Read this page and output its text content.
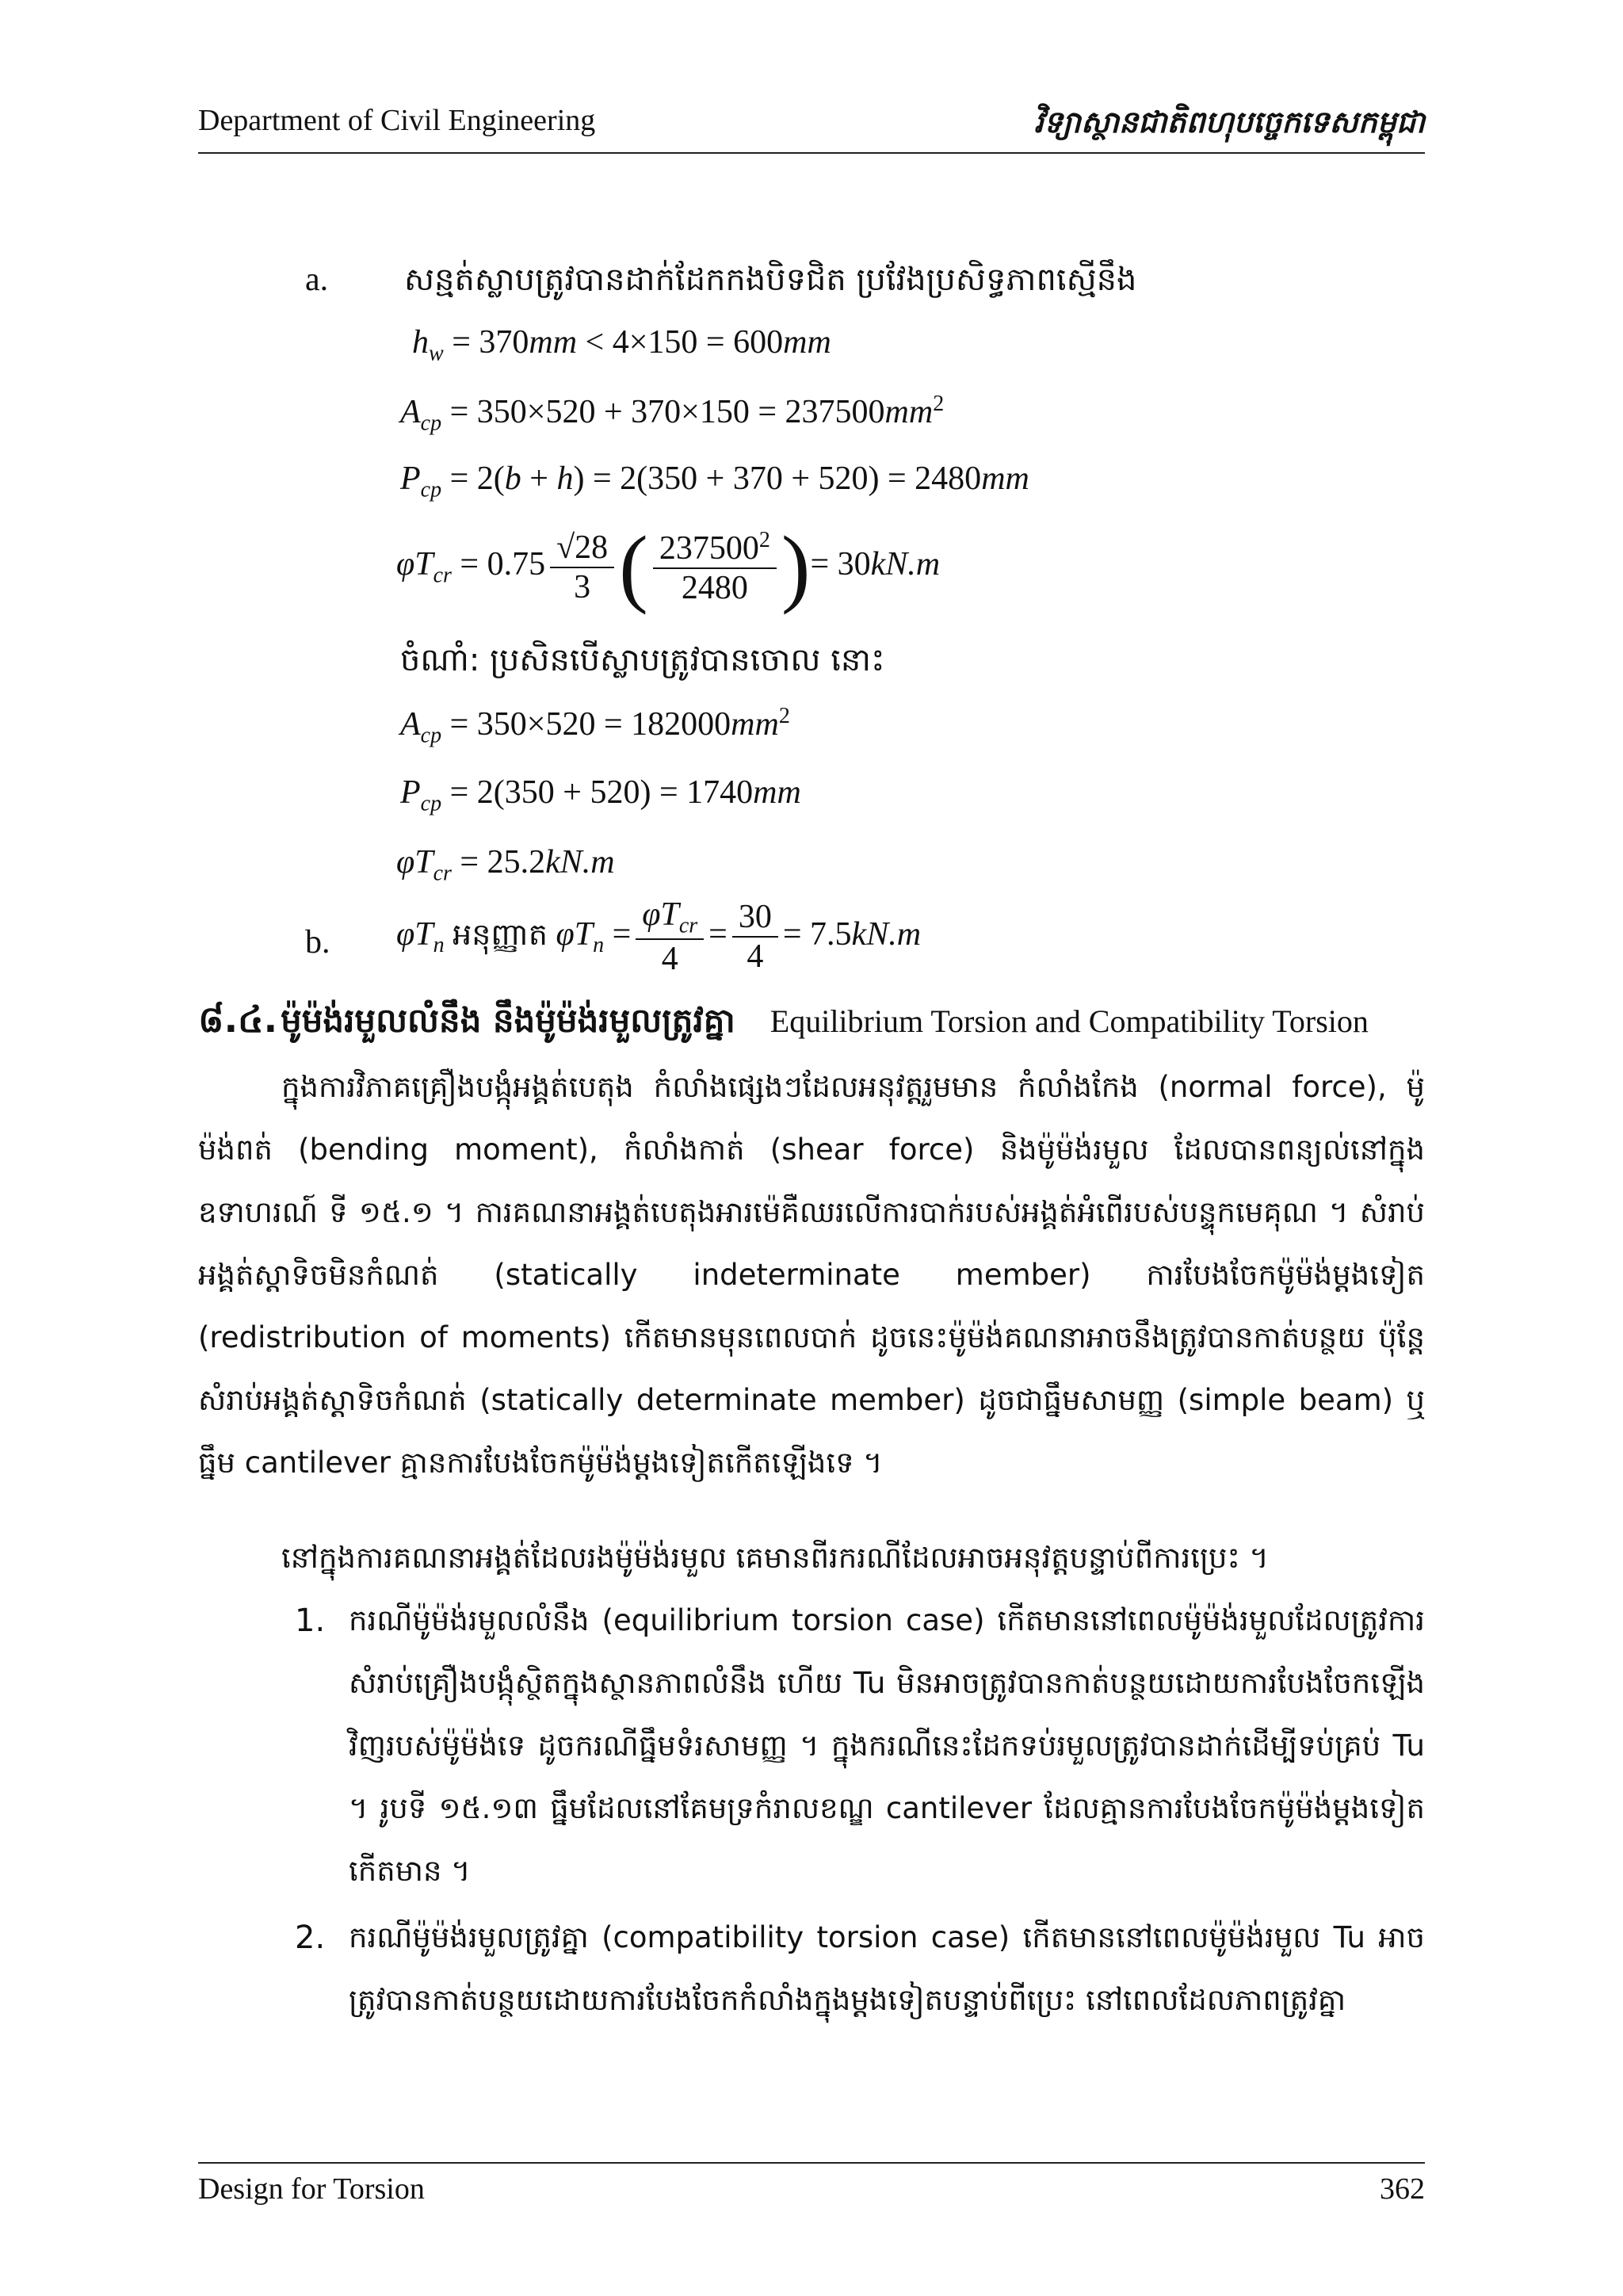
Department of Civil Engineering	វិទ្យាស្ថានជាតិពហុបច្ចេកទេសកម្ពុជា
a. សន្មត់ស្លាបត្រូវបានដាក់ដែកកងបិទជិត ប្រវែងប្រសិទ្ធភាពស្មើនឹង
$h_w = 370mm < 4\times 150 = 600mm$
$A_{cp} = 350\times 520 + 370\times 150 = 237500mm^2$
$P_{cp} = 2(b + h) = 2(350 + 370 + 520) = 2480mm$
$\varphi T_{cr} = 0.75 \frac{√28}{3}$ ( $\frac{237500^2}{2480}$ )= 30kN.m
ចំណាំ: ប្រសិនបើស្លាបត្រូវបានចោល នោះ
$A_{cp} = 350\times 520 = 182000mm^2$
$P_{cp} = 2(350 + 520) = 1740mm$
$\varphi T_{cr} = 25.2kN.m$
b. $\varphi T_n$ អនុញ្ញាត $\varphi T_n = \frac{\varphi T_{cr}}{4} = \frac{30}{4} = 7.5kN.m$
៨.៤. ម៉ូម៉ង់រមួលលំនឹង នឹងម៉ូម៉ង់រមួលត្រូវគ្នា Equilibrium Torsion and Compatibility Torsion
ក្នុងការវិភាគគ្រឿងបង្កុំអង្គត់បេតុង កំលាំងផ្សេងៗដែលអនុវត្តរួមមាន កំលាំងកែង (normal force), ម៉ូម៉ង់ពត់ (bending moment), កំលាំងកាត់ (shear force) និងម៉ូម៉ង់រមួល ដែលបានពន្យល់នៅក្នុងឧទាហរណ៍ ទី ១៥.១ ។ ការគណនាអង្គត់បេតុងអារម៉េគឺឈរលើការបាក់របស់អង្គត់អំពើរបស់បន្ទុកមេគុណ ។ សំរាប់អង្គត់ស្តាទិចមិនកំណត់ (statically indeterminate member) ការបែងចែកម៉ូម៉ង់ម្តងទៀត (redistribution of moments) កើតមានមុនពេលបាក់ ដូចនេះម៉ូម៉ង់គណនាអាចនឹងត្រូវបានកាត់បន្ថយ ប៉ុន្តែ សំរាប់អង្គត់ស្តាទិចកំណត់ (statically determinate member) ដូចជាធ្នឹមសាមញ្ញ (simple beam) ឬធ្នឹម cantilever គ្មានការបែងចែកម៉ូម៉ង់ម្តងទៀតកើតឡើងទេ ។
នៅក្នុងការគណនាអង្គត់ដែលរងម៉ូម៉ង់រមួល គេមានពីរករណីដែលអាចអនុវត្តបន្ទាប់ពីការប្រេះ ។
1. ករណីម៉ូម៉ង់រមួលលំនឹង (equilibrium torsion case) កើតមាននៅពេលម៉ូម៉ង់រមួលដែលត្រូវការសំរាប់គ្រឿងបង្កុំស្ថិតក្នុងស្ថានភាពលំនឹង ហើយ Tu មិនអាចត្រូវបានកាត់បន្ថយដោយការបែងចែកឡើងវិញរបស់ម៉ូម៉ង់ទេ ដូចករណីធ្នឹមទំរសាមញ្ញ ។ ក្នុងករណីនេះដែកទប់រមួលត្រូវបានដាក់ដើម្បីទប់គ្រប់ Tu ។ រូបទី ១៥.១៣ ធ្នឹមដែលនៅគែមទ្រកំរាលខណ្ឌ cantilever ដែលគ្មានការបែងចែកម៉ូម៉ង់ម្តងទៀតកើតមាន ។
2. ករណីម៉ូម៉ង់រមួលត្រូវគ្នា (compatibility torsion case) កើតមាននៅពេលម៉ូម៉ង់រមួល Tu អាចត្រូវបានកាត់បន្ថយដោយការបែងចែកកំលាំងក្នុងម្តងទៀតបន្ទាប់ពីប្រេះ នៅពេលដែលភាពត្រូវគ្នា
Design for Torsion	362
